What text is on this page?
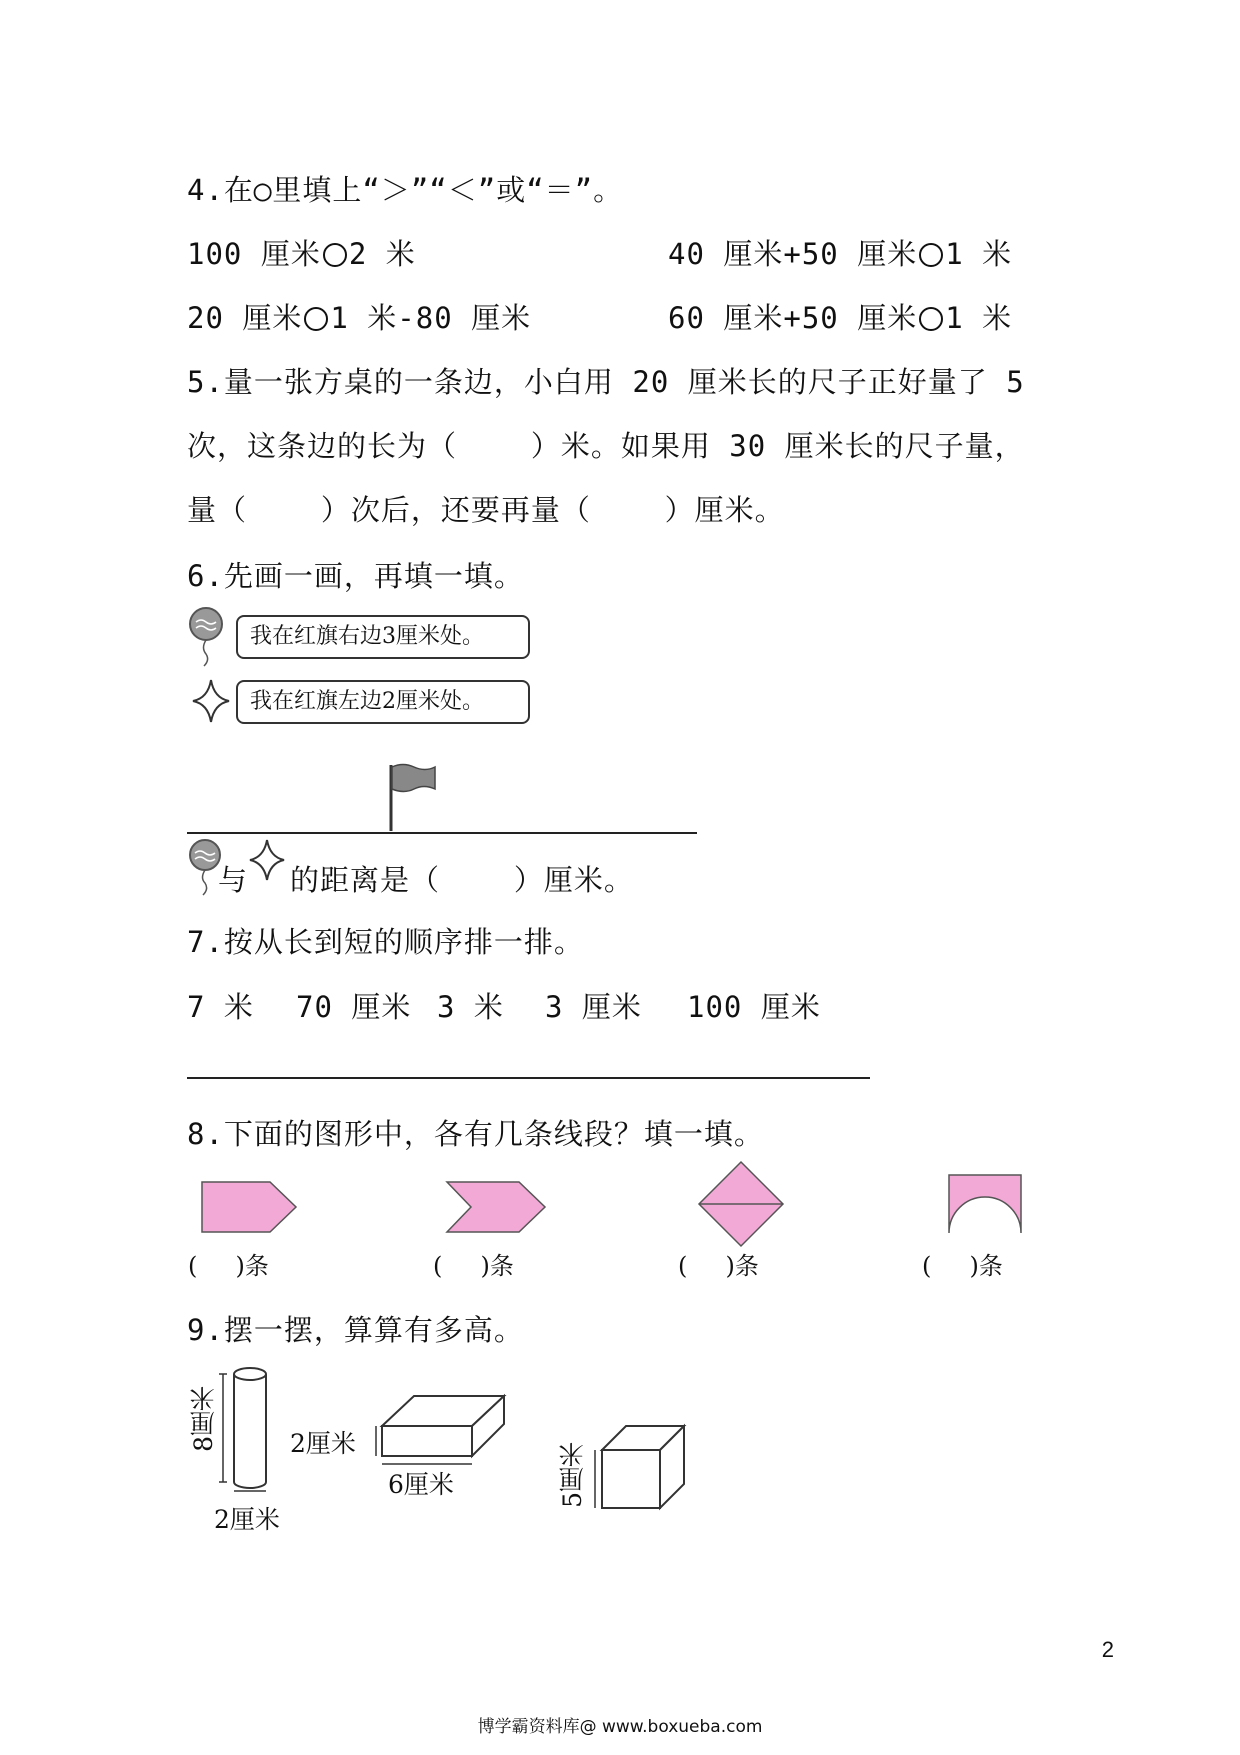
4.在◯里填上“＞”“＜”或“＝”。
100 厘米 2 米	40 厘米+50 厘米 1 米
20 厘米 1 米-80 厘米	60 厘米+50 厘米 1 米
5.量一张方桌的一条边，小白用 20 厘米长的尺子正好量了 5
次，这条边的长为（    ）米。如果用 30 厘米长的尺子量，
量（    ）次后，还要再量（    ）厘米。
6.先画一画，再填一填。
我在红旗右边3厘米处。
我在红旗左边2厘米处。
与 的距离是（    ）厘米。
7.按从长到短的顺序排一排。
7 米 70 厘米 3 米 3 厘米 100 厘米
8.下面的图形中，各有几条线段？填一填。
(     )条	(     )条	(     )条	(     )条
9.摆一摆，算算有多高。
8厘米
2厘米
2厘米
6厘米	5厘米
2
博学霸资料库@ www.boxueba.com
